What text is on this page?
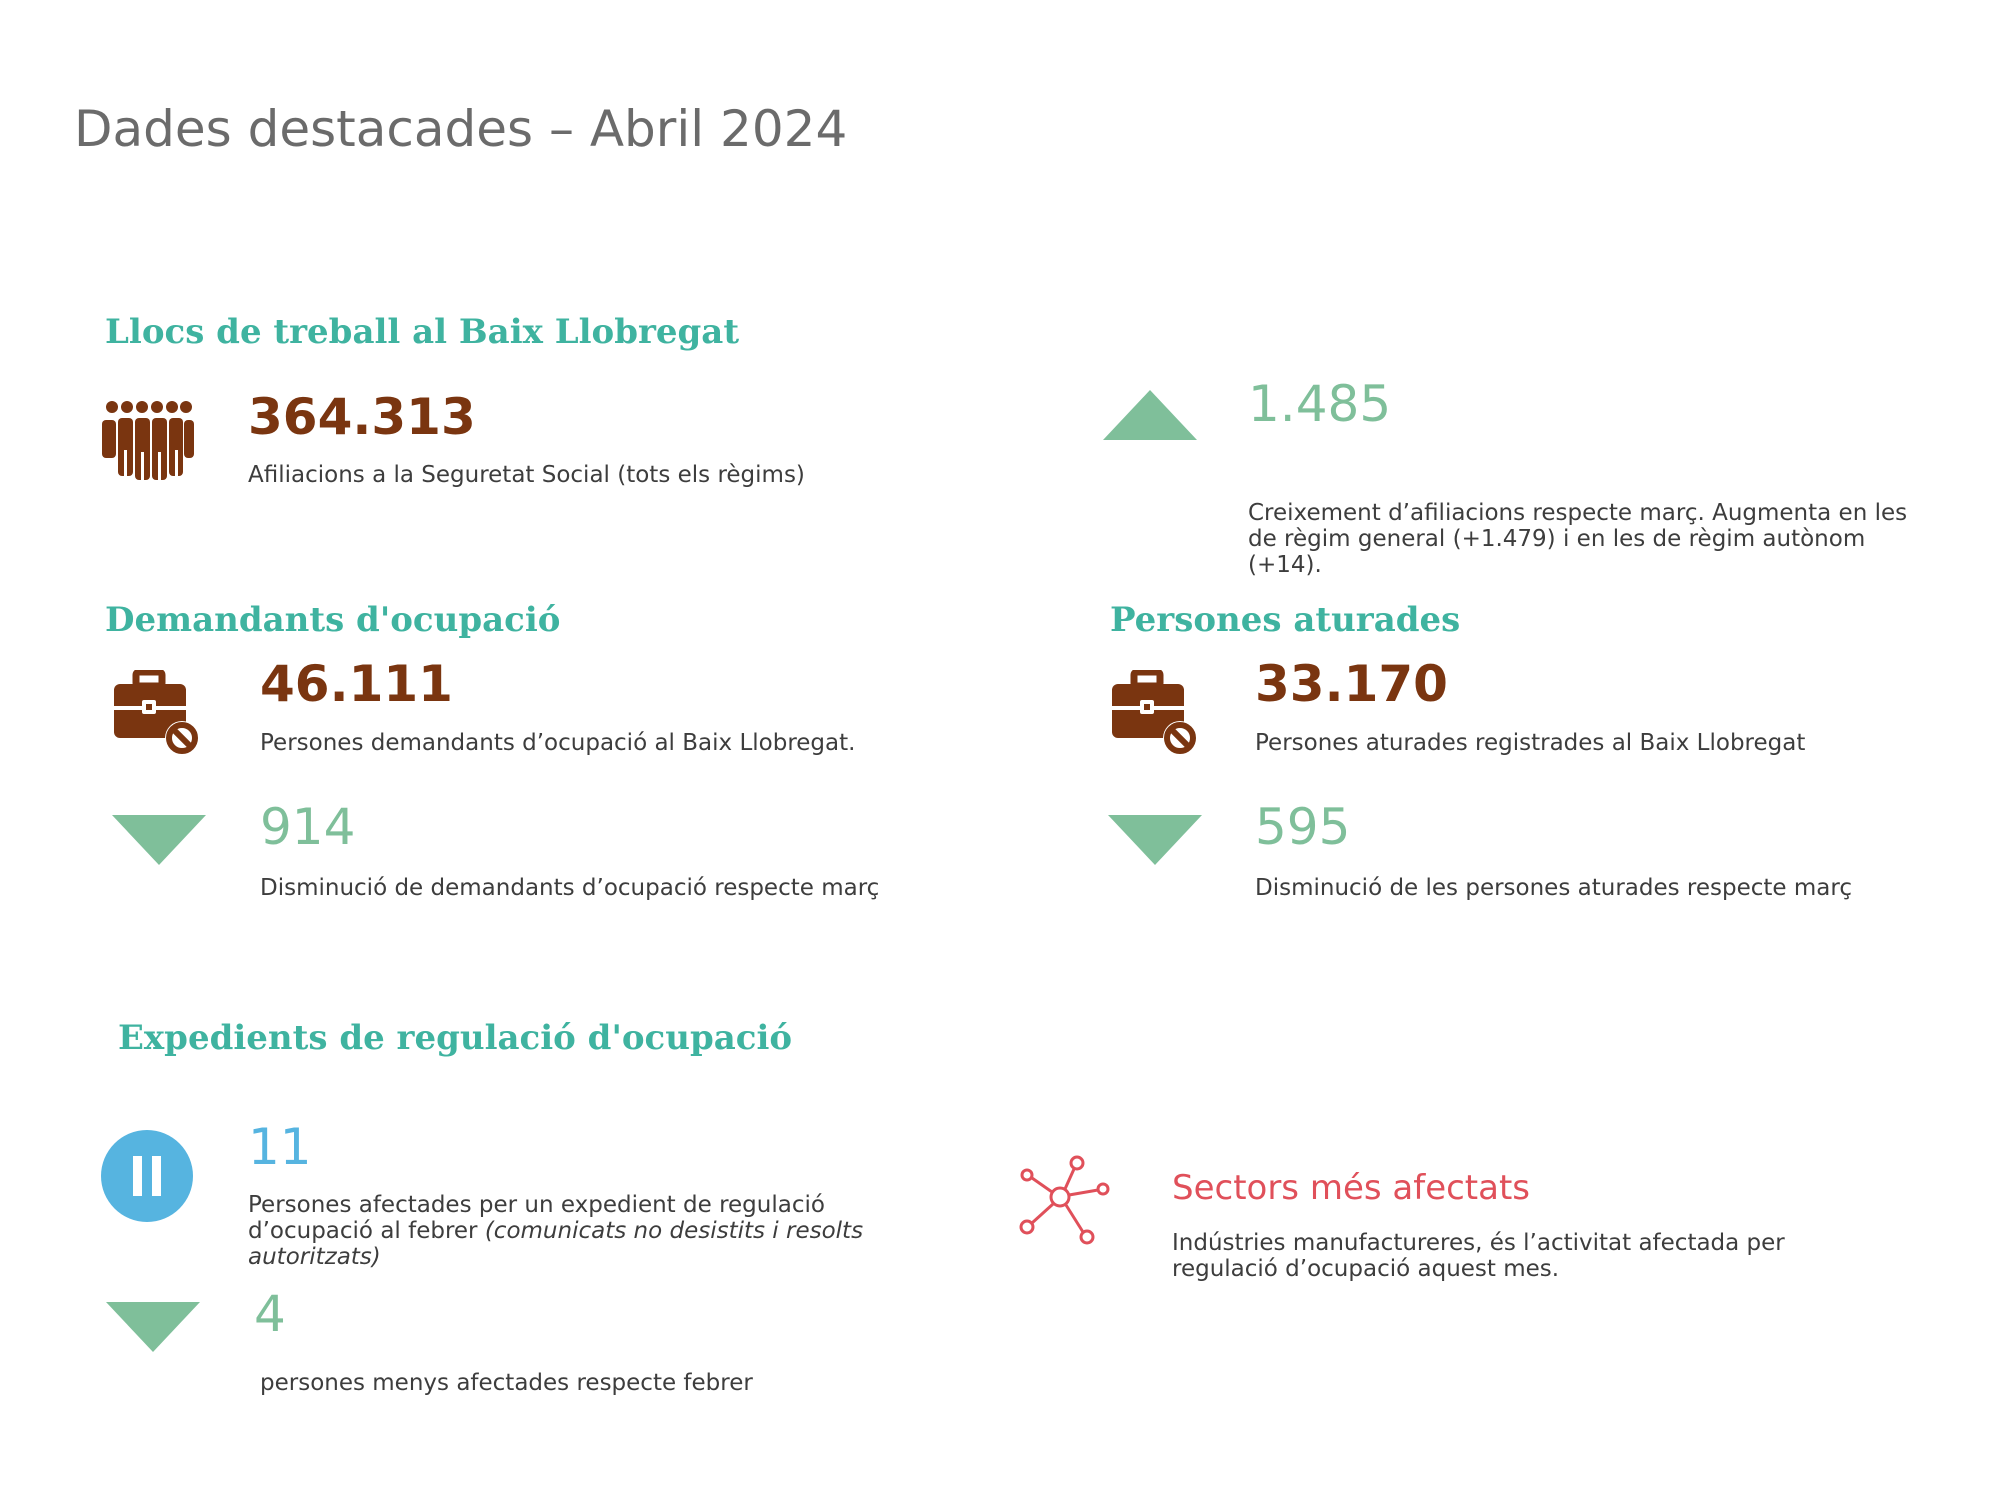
Dades destacades – Abril 2024
Llocs de treball al Baix Llobregat
364.313
Afiliacions a la Seguretat Social (tots els règims)
1.485
Creixement d’afiliacions respecte març. Augmenta en les de règim general (+1.479) i en les de règim autònom (+14).
Demandants d'ocupació
46.111
Persones demandants d’ocupació al Baix Llobregat.
914
Disminució de demandants d’ocupació respecte març
Persones aturades
33.170
Persones aturades registrades al Baix Llobregat
595
Disminució de les persones aturades respecte març
Expedients de regulació d'ocupació
11
Persones afectades per un expedient de regulació d’ocupació al febrer (comunicats no desistits i resolts autoritzats)
4
persones menys afectades respecte febrer
Sectors més afectats
Indústries manufactureres, és l’activitat afectada per regulació d’ocupació aquest mes.
